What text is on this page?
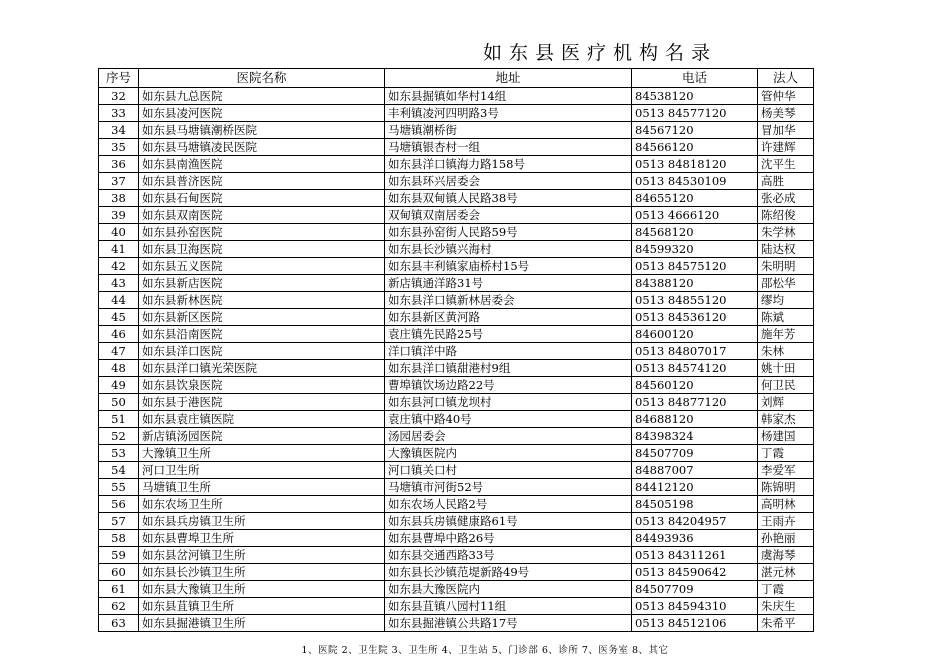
如东县医疗机构名录
序号	医院名称	地址	电话	法人
32	如东县九总医院	如东县掘镇如华村14组	84538120	管仲华
33	如东县凌河医院	丰利镇凌河四明路3号	0513 84577120	杨美琴
34	如东县马塘镇潮桥医院	马塘镇潮桥街	84567120	冒加华
35	如东县马塘镇凌民医院	马塘镇银杏村一组	84566120	许建辉
36	如东县南渔医院	如东县洋口镇海力路158号	0513 84818120	沈平生
37	如东县普济医院	如东县环兴居委会	0513 84530109	高胜
38	如东县石甸医院	如东县双甸镇人民路38号	84655120	张必成
39	如东县双南医院	双甸镇双南居委会	0513 4666120	陈绍俊
40	如东县孙窑医院	如东县孙窑街人民路59号	84568120	朱学林
41	如东县卫海医院	如东县长沙镇兴海村	84599320	陆达权
42	如东县五义医院	如东县丰利镇家庙桥村15号	0513 84575120	朱明明
43	如东县新店医院	新店镇通洋路31号	84388120	邵松华
44	如东县新林医院	如东县洋口镇新林居委会	0513 84855120	缪均
45	如东县新区医院	如东县新区黄河路	0513 84536120	陈斌
46	如东县沿南医院	袁庄镇先民路25号	84600120	施年芳
47	如东县洋口医院	洋口镇洋中路	0513 84807017	朱林
48	如东县洋口镇光荣医院	如东县洋口镇甜港村9组	0513 84574120	姚十田
49	如东县饮泉医院	曹埠镇饮场边路22号	84560120	何卫民
50	如东县于港医院	如东县河口镇龙坝村	0513 84877120	刘辉
51	如东县袁庄镇医院	袁庄镇中路40号	84688120	韩家杰
52	新店镇汤园医院	汤园居委会	84398324	杨建国
53	大豫镇卫生所	大豫镇医院内	84507709	丁霞
54	河口卫生所	河口镇关口村	84887007	李爱军
55	马塘镇卫生所	马塘镇市河街52号	84412120	陈锦明
56	如东农场卫生所	如东农场人民路2号	84505198	高明林
57	如东县兵房镇卫生所	如东县兵房镇健康路61号	0513 84204957	王雨卉
58	如东县曹埠卫生所	如东县曹埠中路26号	84493936	孙艳丽
59	如东县岔河镇卫生所	如东县交通西路33号	0513 84311261	虞海琴
60	如东县长沙镇卫生所	如东县长沙镇范堤新路49号	0513 84590642	湛元林
61	如东县大豫镇卫生所	如东县大豫医院内	84507709	丁霞
62	如东县苴镇卫生所	如东县苴镇八园村11组	0513 84594310	朱庆生
63	如东县掘港镇卫生所	如东县掘港镇公共路17号	0513 84512106	朱希平
1、医院 2、卫生院 3、卫生所 4、卫生站 5、门诊部 6、诊所 7、医务室 8、其它
